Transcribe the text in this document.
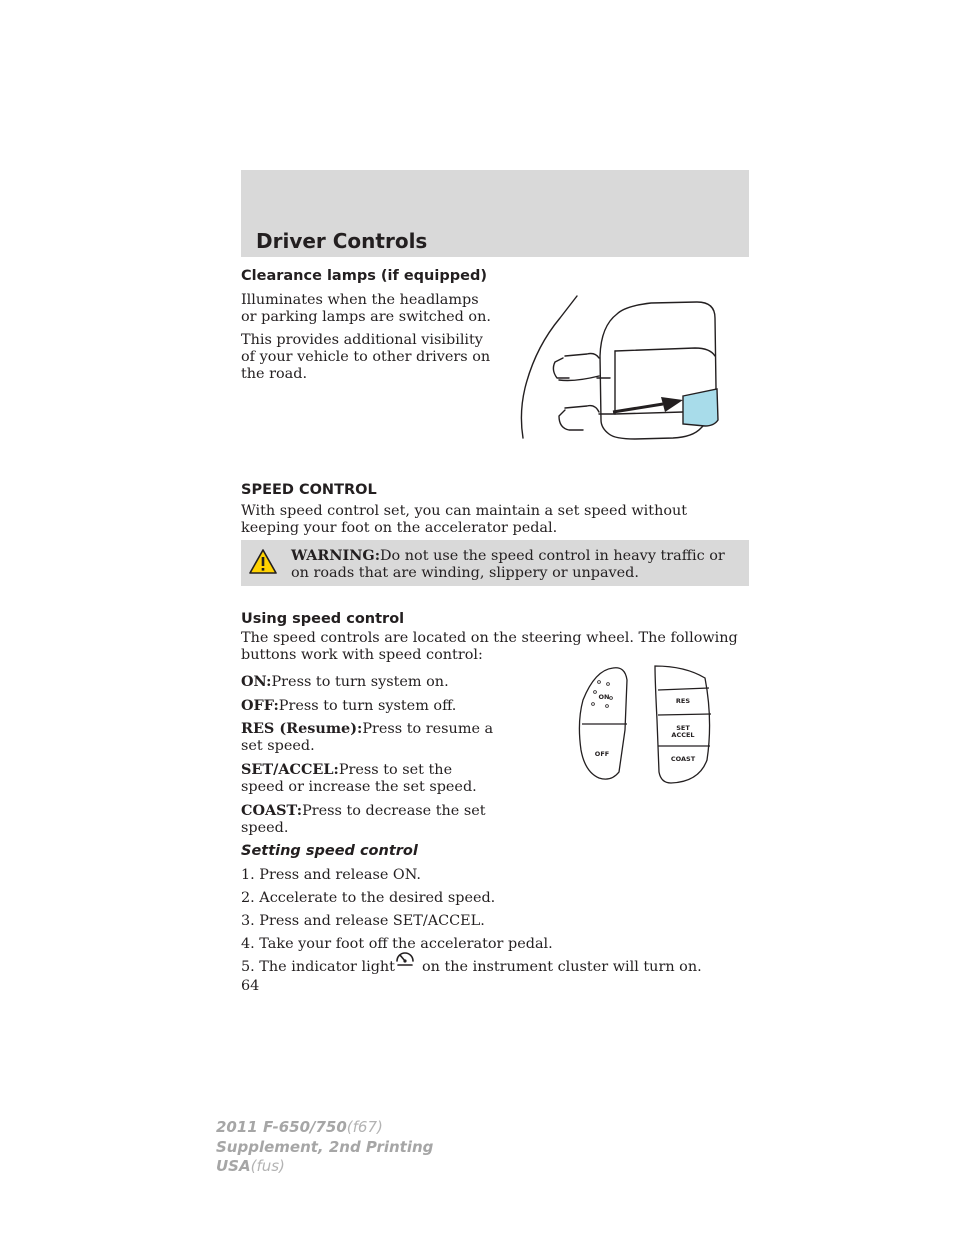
Driver Controls
Clearance lamps (if equipped)
Illuminates when the headlamps or parking lamps are switched on.
This provides additional visibility of your vehicle to other drivers on the road.
SPEED CONTROL
With speed control set, you can maintain a set speed without keeping your foot on the accelerator pedal.
WARNING:Do not use the speed control in heavy traffic or on roads that are winding, slippery or unpaved.
Using speed control
The speed controls are located on the steering wheel. The following buttons work with speed control:
ON:Press to turn system on.
OFF:Press to turn system off.
RES (Resume):Press to resume a set speed.
SET/ACCEL:Press to set the speed or increase the set speed.
COAST:Press to decrease the set speed.
ON
OFF
RES
SET
ACCEL
COAST
Setting speed control
1. Press and release ON.
2. Accelerate to the desired speed.
3. Press and release SET/ACCEL.
4. Take your foot off the accelerator pedal.
5. The indicator light on the instrument cluster will turn on.
64
2011 F-650/750(f67)
Supplement, 2nd Printing
USA(fus)
